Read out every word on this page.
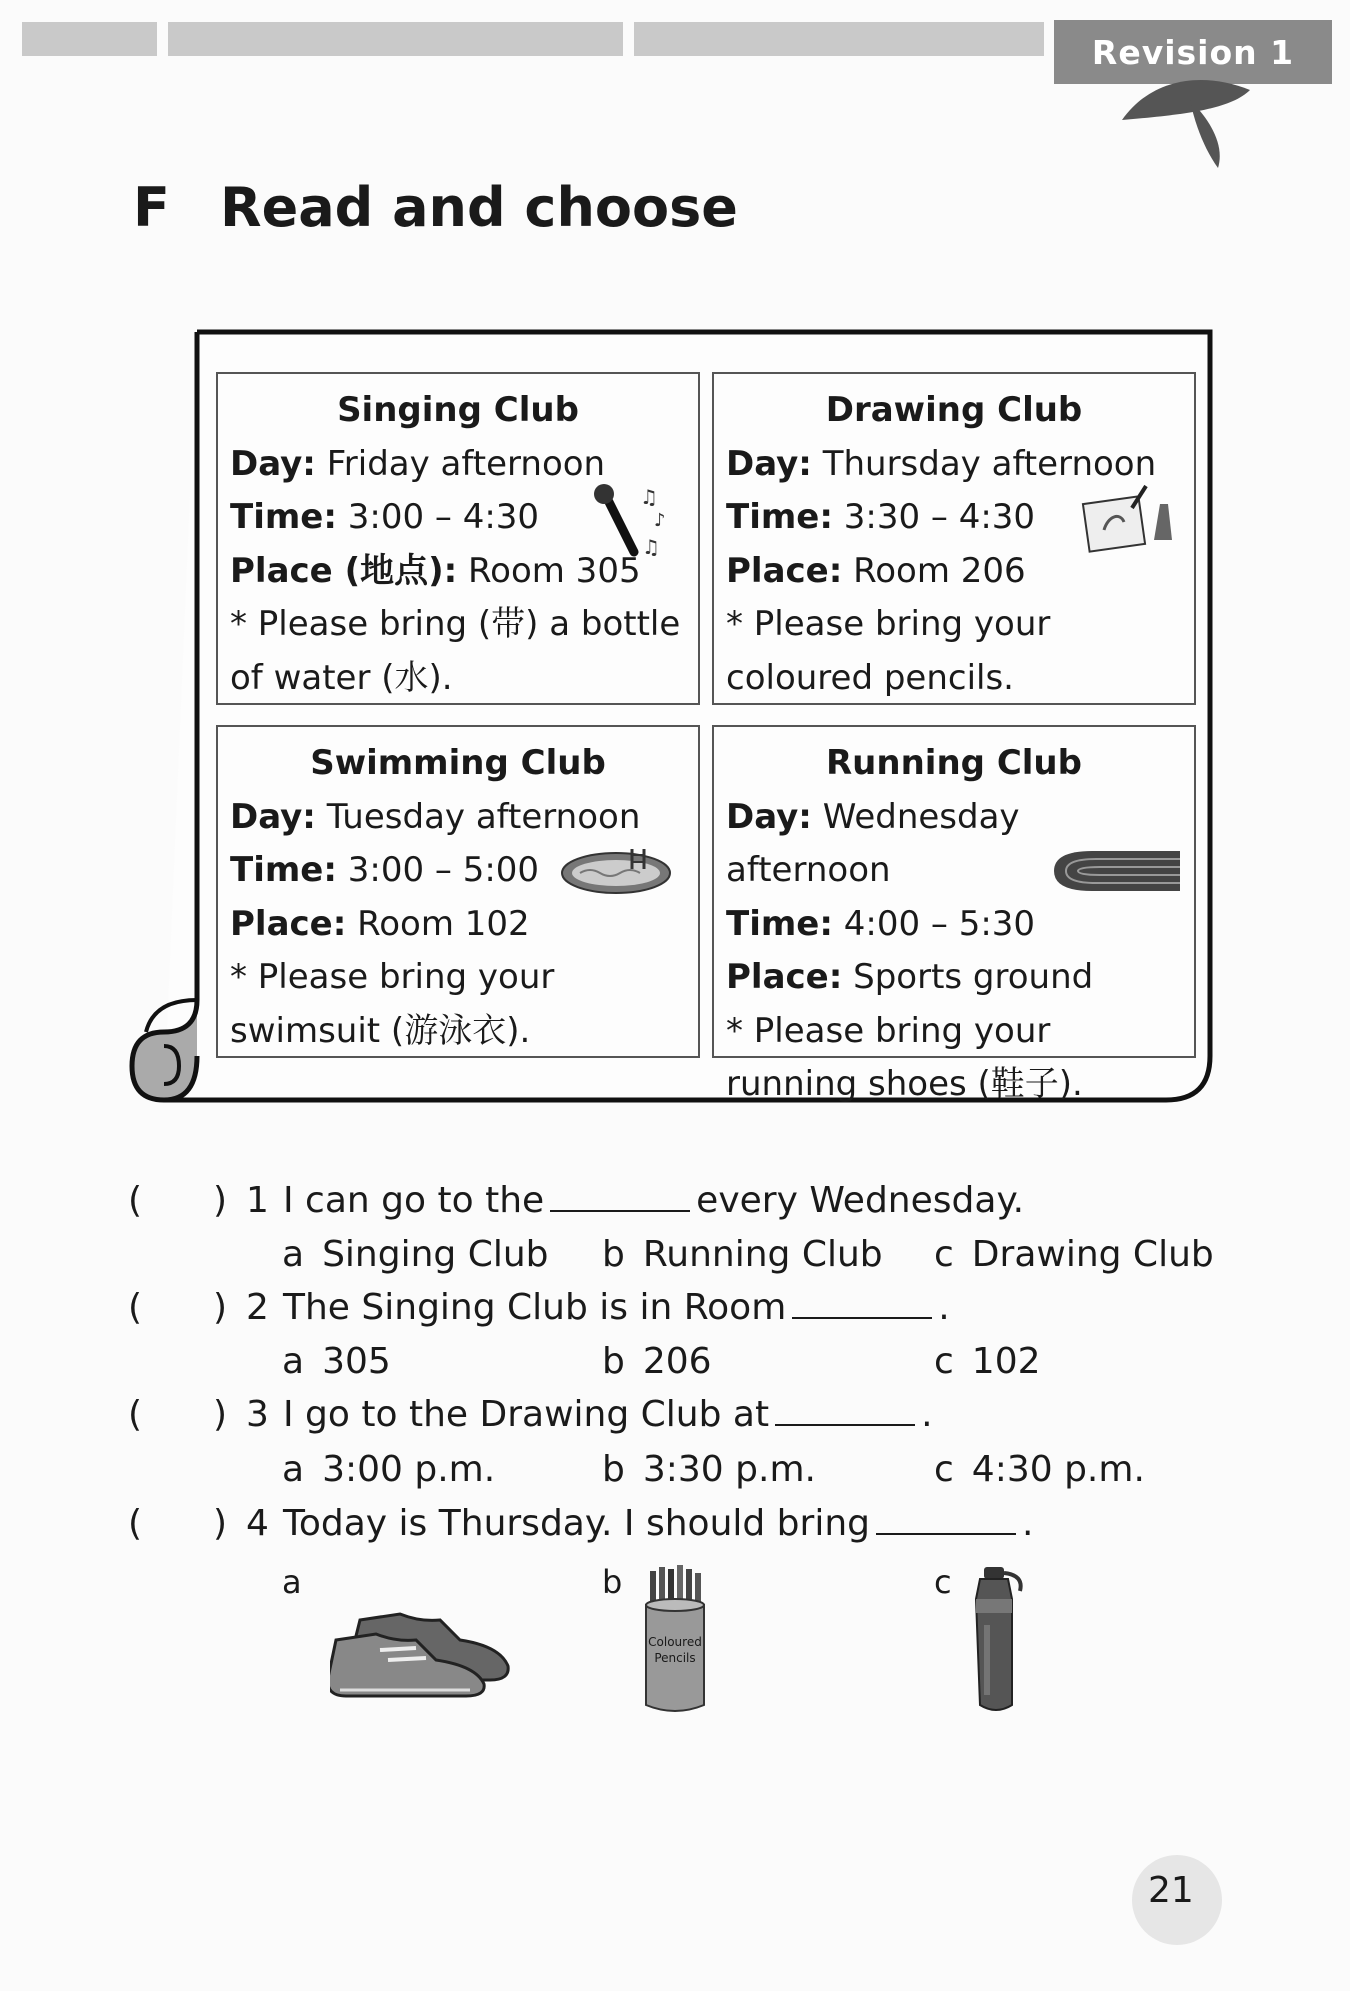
Revision 1
F Read and choose
Singing Club
Day: Friday afternoon
Time: 3:00 – 4:30
Place (地点): Room 305
* Please bring (带) a bottle
of water (水).
♫
♪
♫
Drawing Club
Day: Thursday afternoon
Time: 3:30 – 4:30
Place: Room 206
* Please bring your
coloured pencils.
Swimming Club
Day: Tuesday afternoon
Time: 3:00 – 5:00
Place: Room 102
* Please bring your
swimsuit (游泳衣).
Running Club
Day: Wednesday afternoon
Time: 4:00 – 5:30
Place: Sports ground
* Please bring your
running shoes (鞋子).
( ) 1 I can go to the	every Wednesday.
a Singing Club b Running Club c Drawing Club
( ) 2 The Singing Club is in Room	.
a 305	b 206	c 102
( ) 3 I go to the Drawing Club at	.
a 3:00 p.m.	b 3:30 p.m.	c 4:30 p.m.
( ) 4 Today is Thursday. I should bring	.
a	b
Coloured
Pencils
c
21
